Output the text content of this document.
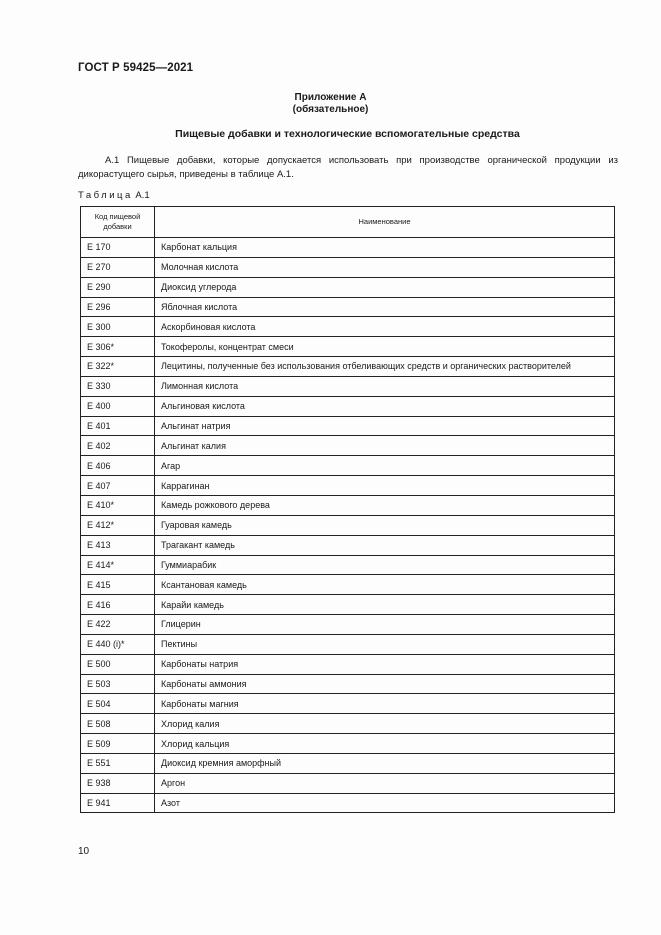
ГОСТ Р 59425—2021
Приложение А
(обязательное)
Пищевые добавки и технологические вспомогательные средства
А.1 Пищевые добавки, которые допускается использовать при производстве органической продукции из дикорастущего сырья, приведены в таблице А.1.
Таблица А.1
Код пищевой добавки	Наименование
Е 170	Карбонат кальция
Е 270	Молочная кислота
Е 290	Диоксид углерода
Е 296	Яблочная кислота
Е 300	Аскорбиновая кислота
Е 306*	Токоферолы, концентрат смеси
Е 322*	Лецитины, полученные без использования отбеливающих средств и органических растворителей
Е 330	Лимонная кислота
Е 400	Альгиновая кислота
Е 401	Альгинат натрия
Е 402	Альгинат калия
Е 406	Агар
Е 407	Каррагинан
Е 410*	Камедь рожкового дерева
Е 412*	Гуаровая камедь
Е 413	Трагакант камедь
Е 414*	Гуммиарабик
Е 415	Ксантановая камедь
Е 416	Карайи камедь
Е 422	Глицерин
Е 440 (i)*	Пектины
Е 500	Карбонаты натрия
Е 503	Карбонаты аммония
Е 504	Карбонаты магния
Е 508	Хлорид калия
Е 509	Хлорид кальция
Е 551	Диоксид кремния аморфный
Е 938	Аргон
Е 941	Азот
10
